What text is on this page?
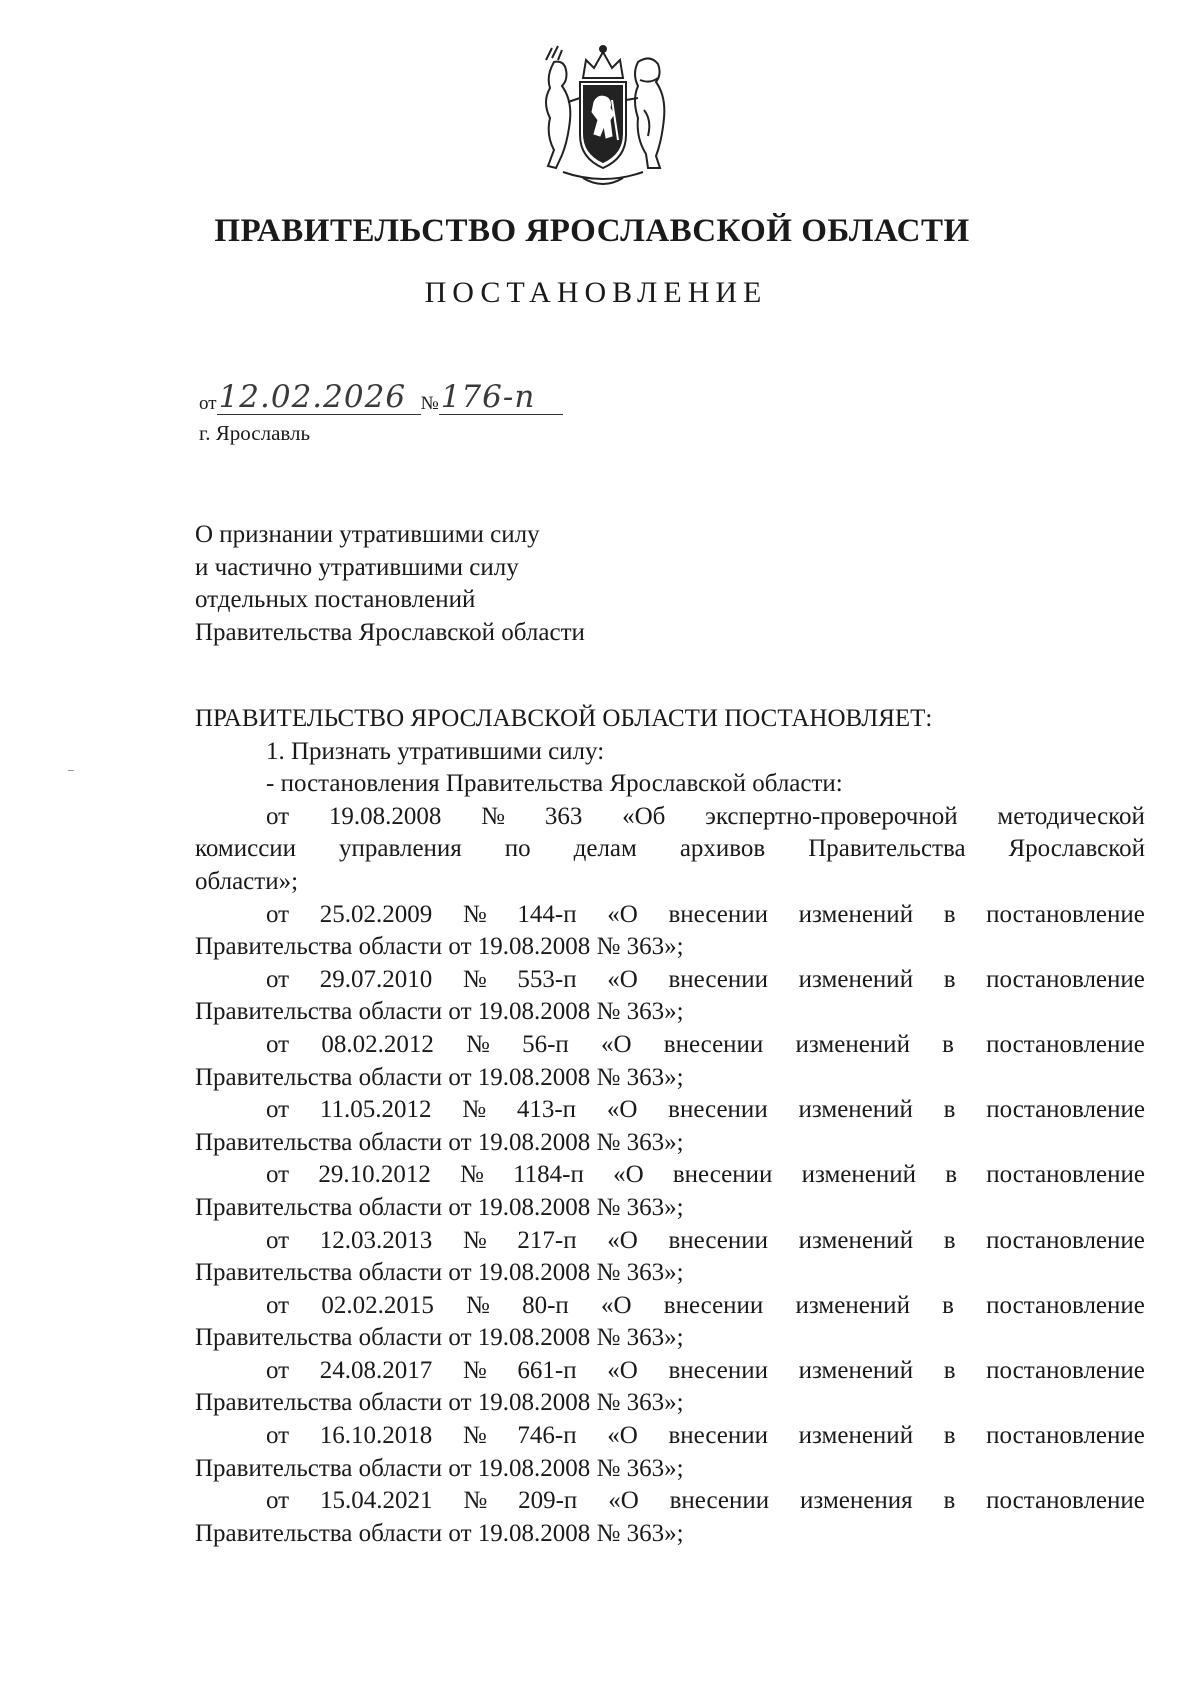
ПРАВИТЕЛЬСТВО ЯРОСЛАВСКОЙ ОБЛАСТИ
ПОСТАНОВЛЕНИЕ
от12.02.2026 №176-п
г. Ярославль
О признании утратившими силу
и частично утратившими силу
отдельных постановлений
Правительства Ярославской области

ПРАВИТЕЛЬСТВО ЯРОСЛАВСКОЙ ОБЛАСТИ ПОСТАНОВЛЯЕТ:

1. Признать утратившими силу:

- постановления Правительства Ярославской области:

от 19.08.2008 № 363 «Об экспертно-проверочной методической

комиссии управления по делам архивов Правительства Ярославской

области»;

от 25.02.2009 № 144-п «О внесении изменений в постановление

Правительства области от 19.08.2008 № 363»;

от 29.07.2010 № 553-п «О внесении изменений в постановление

Правительства области от 19.08.2008 № 363»;

от 08.02.2012 № 56-п «О внесении изменений в постановление

Правительства области от 19.08.2008 № 363»;

от 11.05.2012 № 413-п «О внесении изменений в постановление

Правительства области от 19.08.2008 № 363»;

от 29.10.2012 № 1184-п «О внесении изменений в постановление

Правительства области от 19.08.2008 № 363»;

от 12.03.2013 № 217-п «О внесении изменений в постановление

Правительства области от 19.08.2008 № 363»;

от 02.02.2015 № 80-п «О внесении изменений в постановление

Правительства области от 19.08.2008 № 363»;

от 24.08.2017 № 661-п «О внесении изменений в постановление

Правительства области от 19.08.2008 № 363»;

от 16.10.2018 № 746-п «О внесении изменений в постановление

Правительства области от 19.08.2008 № 363»;

от 15.04.2021 № 209-п «О внесении изменения в постановление

Правительства области от 19.08.2008 № 363»;
